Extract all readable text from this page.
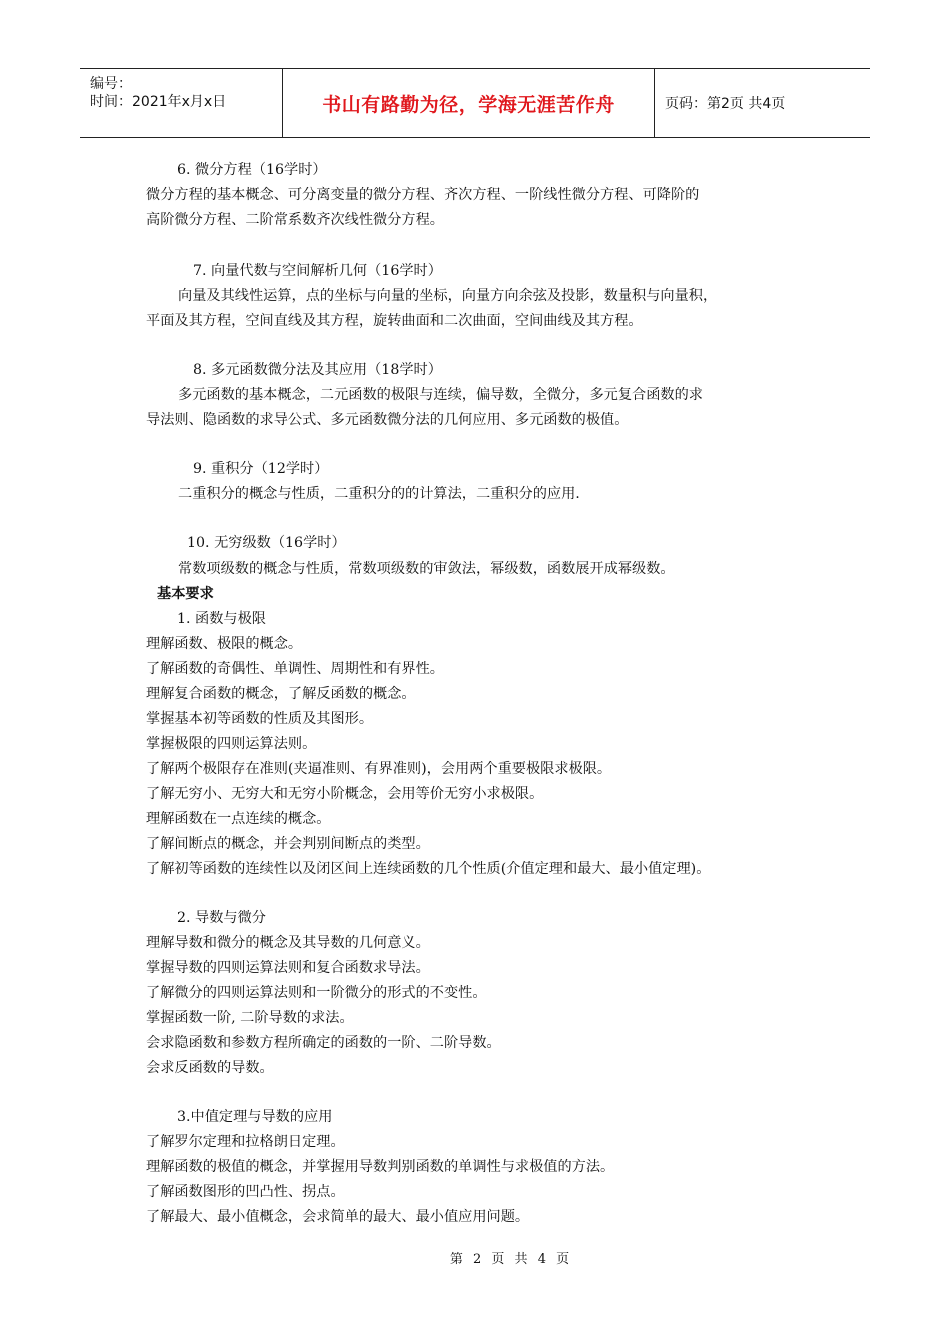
编号：
时间：2021年x月x日	书山有路勤为径，学海无涯苦作舟	页码：第2页 共4页
6. 微分方程（16学时）
微分方程的基本概念、可分离变量的微分方程、齐次方程、一阶线性微分方程、可降阶的
高阶微分方程、二阶常系数齐次线性微分方程。
7. 向量代数与空间解析几何（16学时）
向量及其线性运算，点的坐标与向量的坐标，向量方向余弦及投影，数量积与向量积，
平面及其方程，空间直线及其方程，旋转曲面和二次曲面，空间曲线及其方程。
8. 多元函数微分法及其应用（18学时）
多元函数的基本概念，二元函数的极限与连续，偏导数，全微分，多元复合函数的求
导法则、隐函数的求导公式、多元函数微分法的几何应用、多元函数的极值。
9. 重积分（12学时）
二重积分的概念与性质，二重积分的的计算法，二重积分的应用.
10. 无穷级数（16学时）
常数项级数的概念与性质，常数项级数的审敛法，幂级数，函数展开成幂级数。
基本要求
1. 函数与极限
理解函数、极限的概念。
了解函数的奇偶性、单调性、周期性和有界性。
理解复合函数的概念，了解反函数的概念。
掌握基本初等函数的性质及其图形。
掌握极限的四则运算法则。
了解两个极限存在准则(夹逼准则、有界准则)，会用两个重要极限求极限。
了解无穷小、无穷大和无穷小阶概念，会用等价无穷小求极限。
理解函数在一点连续的概念。
了解间断点的概念，并会判别间断点的类型。
了解初等函数的连续性以及闭区间上连续函数的几个性质(介值定理和最大、最小值定理)。
2. 导数与微分
理解导数和微分的概念及其导数的几何意义。
掌握导数的四则运算法则和复合函数求导法。
了解微分的四则运算法则和一阶微分的形式的不变性。
掌握函数一阶, 二阶导数的求法。
会求隐函数和参数方程所确定的函数的一阶、二阶导数。
会求反函数的导数。
3.中值定理与导数的应用
了解罗尔定理和拉格朗日定理。
理解函数的极值的概念，并掌握用导数判别函数的单调性与求极值的方法。
了解函数图形的凹凸性、拐点。
了解最大、最小值概念，会求简单的最大、最小值应用问题。
第 2 页 共 4 页
